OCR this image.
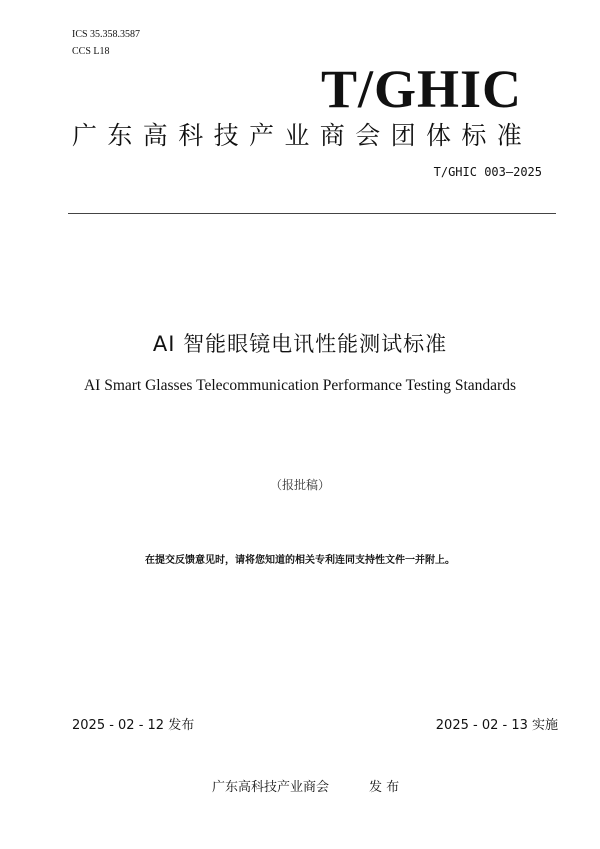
ICS 35.358.3587
CCS L18
T/GHIC
广东高科技产业商会团体标准
T/GHIC 003—2025
AI 智能眼镜电讯性能测试标准
AI Smart Glasses Telecommunication Performance Testing Standards
（报批稿）
在提交反馈意见时，请将您知道的相关专利连同支持性文件一并附上。
2025 - 02 - 12 发布	2025 - 02 - 13 实施
广东高科技产业商会	发 布
